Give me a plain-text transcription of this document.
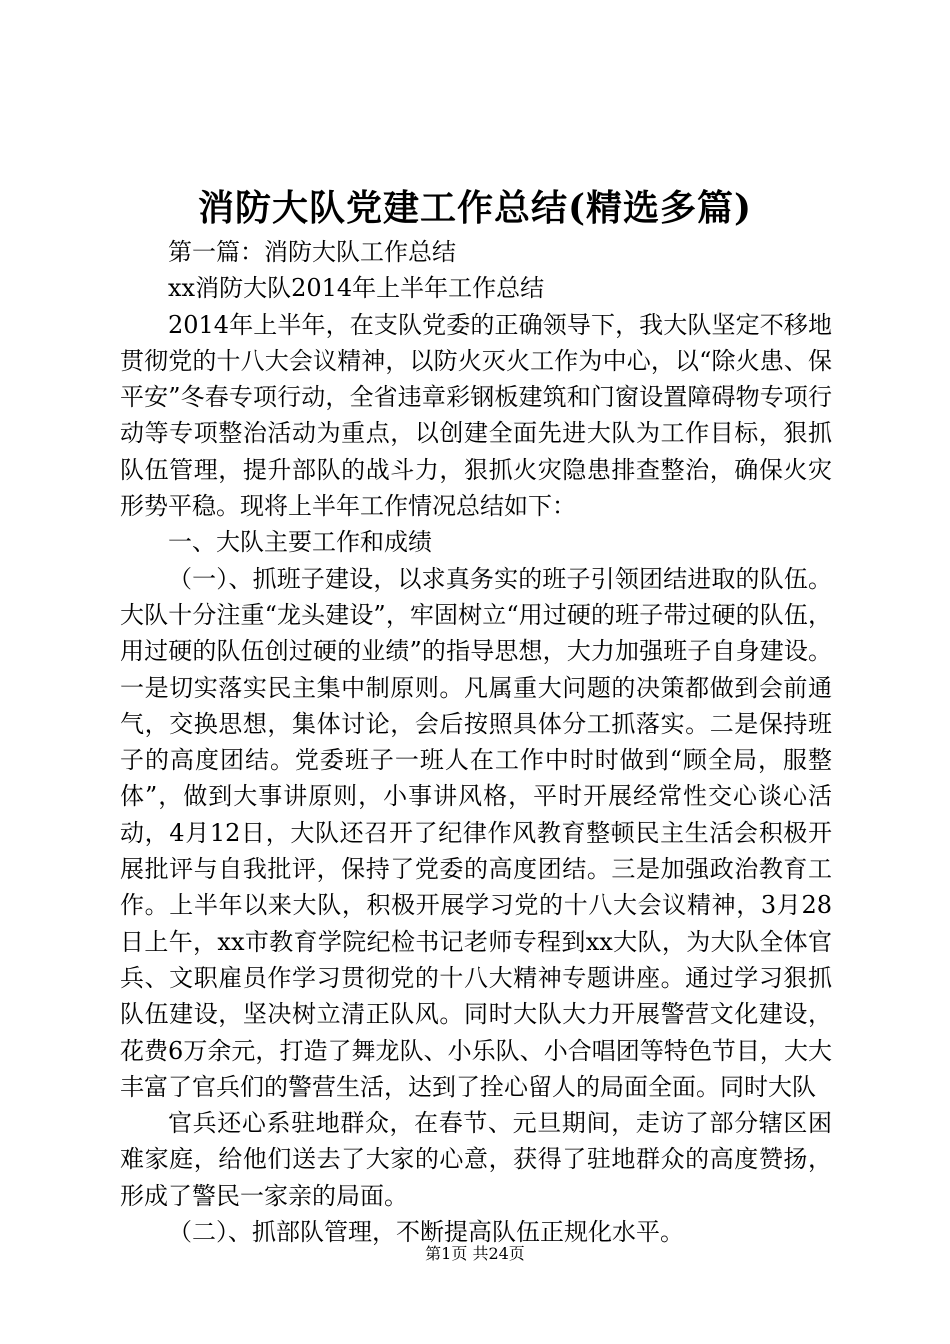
消防大队党建工作总结(精选多篇)

第一篇：消防大队工作总结

xx消防大队2014年上半年工作总结

2014年上半年，在支队党委的正确领导下，我大队坚定不移地贯彻党的十八大会议精神，以防火灭火工作为中心，以“除火患、保平安”冬春专项行动，全省违章彩钢板建筑和门窗设置障碍物专项行动等专项整治活动为重点，以创建全面先进大队为工作目标，狠抓队伍管理，提升部队的战斗力，狠抓火灾隐患排查整治，确保火灾形势平稳。现将上半年工作情况总结如下：

一、大队主要工作和成绩

（一）、抓班子建设，以求真务实的班子引领团结进取的队伍。大队十分注重“龙头建设”，牢固树立“用过硬的班子带过硬的队伍，用过硬的队伍创过硬的业绩”的指导思想，大力加强班子自身建设。一是切实落实民主集中制原则。凡属重大问题的决策都做到会前通气，交换思想，集体讨论，会后按照具体分工抓落实。二是保持班子的高度团结。党委班子一班人在工作中时时做到“顾全局，服整体”，做到大事讲原则，小事讲风格，平时开展经常性交心谈心活动，4月12日，大队还召开了纪律作风教育整顿民主生活会积极开展批评与自我批评，保持了党委的高度团结。三是加强政治教育工作。上半年以来大队，积极开展学习党的十八大会议精神，3月28日上午，xx市教育学院纪检书记老师专程到xx大队，为大队全体官兵、文职雇员作学习贯彻党的十八大精神专题讲座。通过学习狠抓队伍建设，坚决树立清正队风。同时大队大力开展警营文化建设，花费6万余元，打造了舞龙队、小乐队、小合唱团等特色节目，大大丰富了官兵们的警营生活，达到了拴心留人的局面全面。同时大队

官兵还心系驻地群众，在春节、元旦期间，走访了部分辖区困难家庭，给他们送去了大家的心意，获得了驻地群众的高度赞扬，形成了警民一家亲的局面。

（二）、抓部队管理，不断提高队伍正规化水平。

第1页 共24页
